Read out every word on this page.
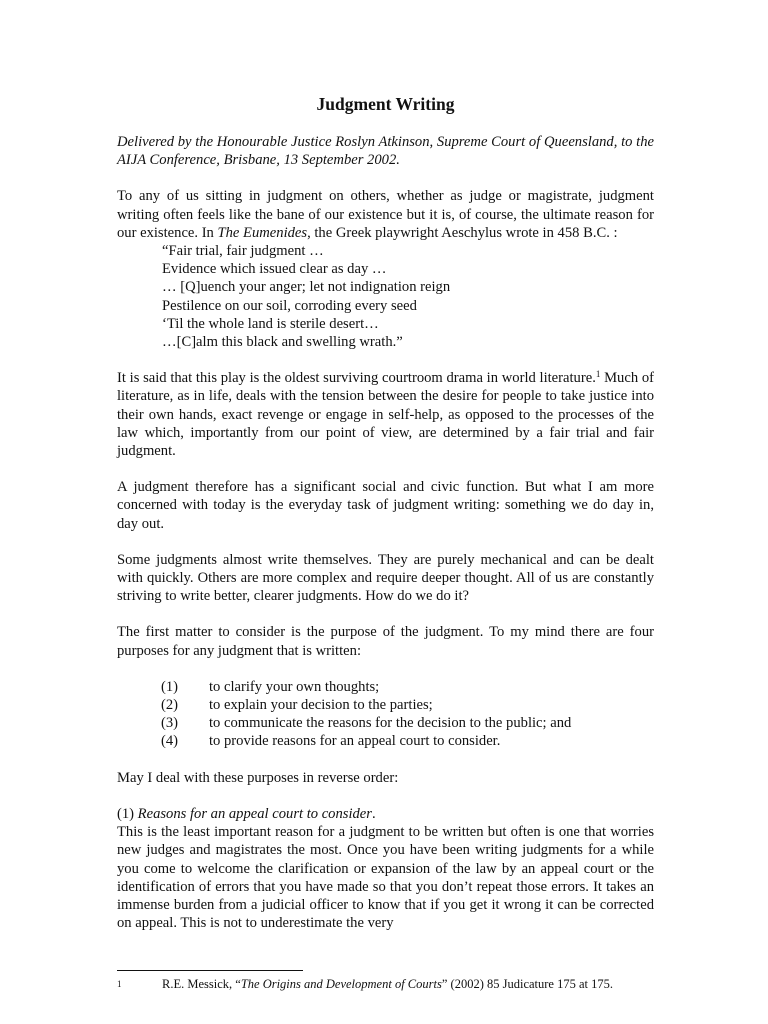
Judgment Writing

Delivered by the Honourable Justice Roslyn Atkinson, Supreme Court of Queensland, to the AIJA Conference, Brisbane, 13 September 2002.

To any of us sitting in judgment on others, whether as judge or magistrate, judgment writing often feels like the bane of our existence but it is, of course, the ultimate reason for our existence. In The Eumenides, the Greek playwright Aeschylus wrote in 458 B.C. :

“Fair trial, fair judgment …
Evidence which issued clear as day …
… [Q]uench your anger; let not indignation reign
Pestilence on our soil, corroding every seed
‘Til the whole land is sterile desert…
…[C]alm this black and swelling wrath.”

It is said that this play is the oldest surviving courtroom drama in world literature.$^1$ Much of literature, as in life, deals with the tension between the desire for people to take justice into their own hands, exact revenge or engage in self-help, as opposed to the processes of the law which, importantly from our point of view, are determined by a fair trial and fair judgment.

A judgment therefore has a significant social and civic function. But what I am more concerned with today is the everyday task of judgment writing: something we do day in, day out.

Some judgments almost write themselves. They are purely mechanical and can be dealt with quickly. Others are more complex and require deeper thought. All of us are constantly striving to write better, clearer judgments. How do we do it?

The first matter to consider is the purpose of the judgment. To my mind there are four purposes for any judgment that is written:

(1)	to clarify your own thoughts;
(2)	to explain your decision to the parties;
(3)	to communicate the reasons for the decision to the public; and
(4)	to provide reasons for an appeal court to consider.

May I deal with these purposes in reverse order:

(1) Reasons for an appeal court to consider.

This is the least important reason for a judgment to be written but often is one that worries new judges and magistrates the most. Once you have been writing judgments for a while you come to welcome the clarification or expansion of the law by an appeal court or the identification of errors that you have made so that you don’t repeat those errors. It takes an immense burden from a judicial officer to know that if you get it wrong it can be corrected on appeal. This is not to underestimate the very

1	R.E. Messick, “The Origins and Development of Courts” (2002) 85 Judicature 175 at 175.
